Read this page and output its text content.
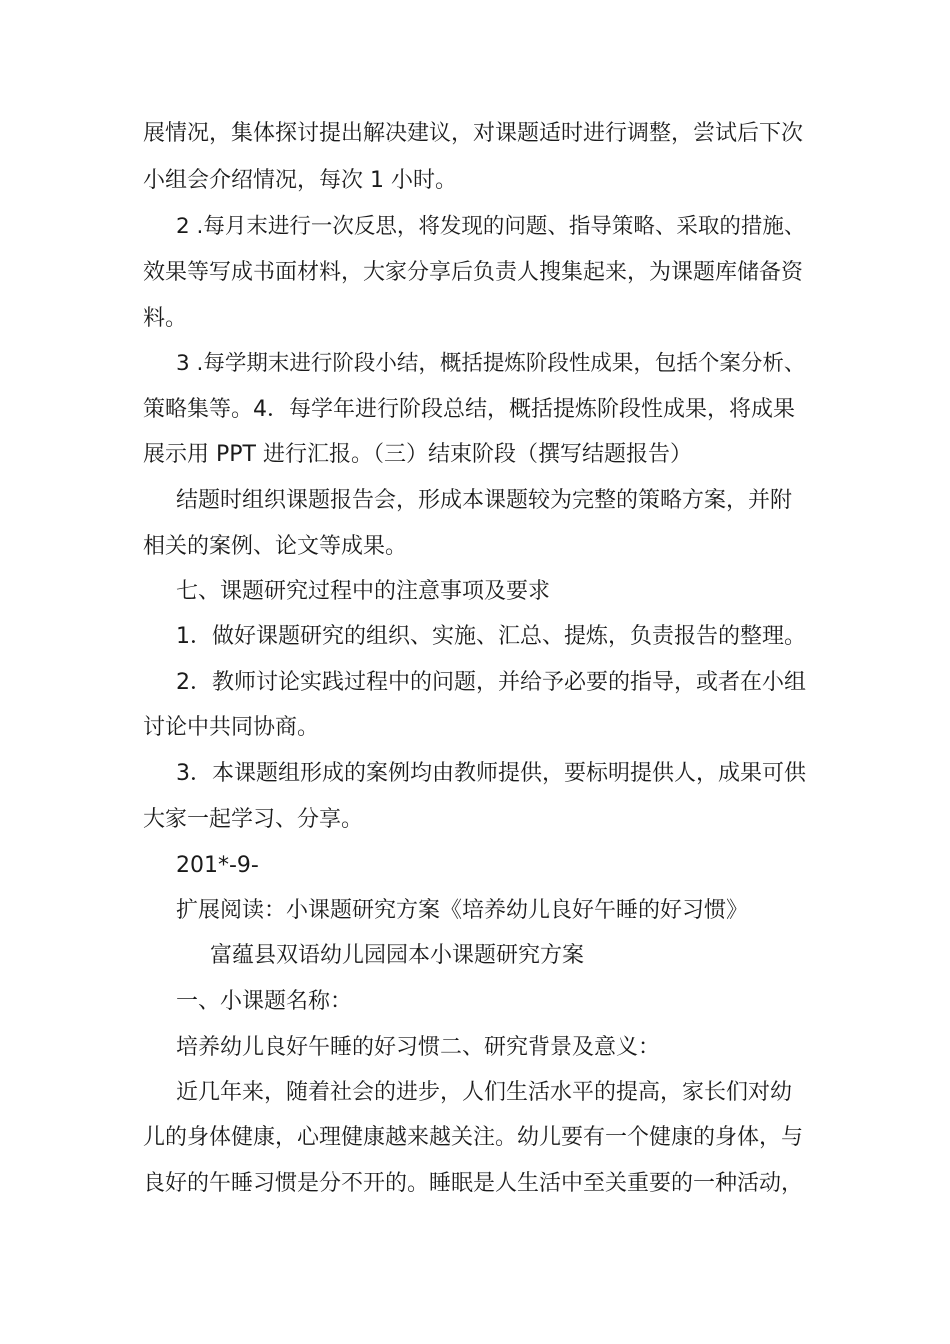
展情况，集体探讨提出解决建议，对课题适时进行调整，尝试后下次
小组会介绍情况，每次 1 小时。
2 .每月末进行一次反思，将发现的问题、指导策略、采取的措施、
效果等写成书面材料，大家分享后负责人搜集起来，为课题库储备资
料。
3 .每学期末进行阶段小结，概括提炼阶段性成果，包括个案分析、
策略集等。4．每学年进行阶段总结，概括提炼阶段性成果，将成果
展示用 PPT 进行汇报。（三）结束阶段（撰写结题报告）
结题时组织课题报告会，形成本课题较为完整的策略方案，并附
相关的案例、论文等成果。
七、课题研究过程中的注意事项及要求
1．做好课题研究的组织、实施、汇总、提炼，负责报告的整理。
2．教师讨论实践过程中的问题，并给予必要的指导，或者在小组
讨论中共同协商。
3．本课题组形成的案例均由教师提供，要标明提供人，成果可供
大家一起学习、分享。
201*-9-
扩展阅读：小课题研究方案《培养幼儿良好午睡的好习惯》
富蕴县双语幼儿园园本小课题研究方案
一、小课题名称：
培养幼儿良好午睡的好习惯二、研究背景及意义：
近几年来，随着社会的进步，人们生活水平的提高，家长们对幼
儿的身体健康，心理健康越来越关注。幼儿要有一个健康的身体，与
良好的午睡习惯是分不开的。睡眠是人生活中至关重要的一种活动，
